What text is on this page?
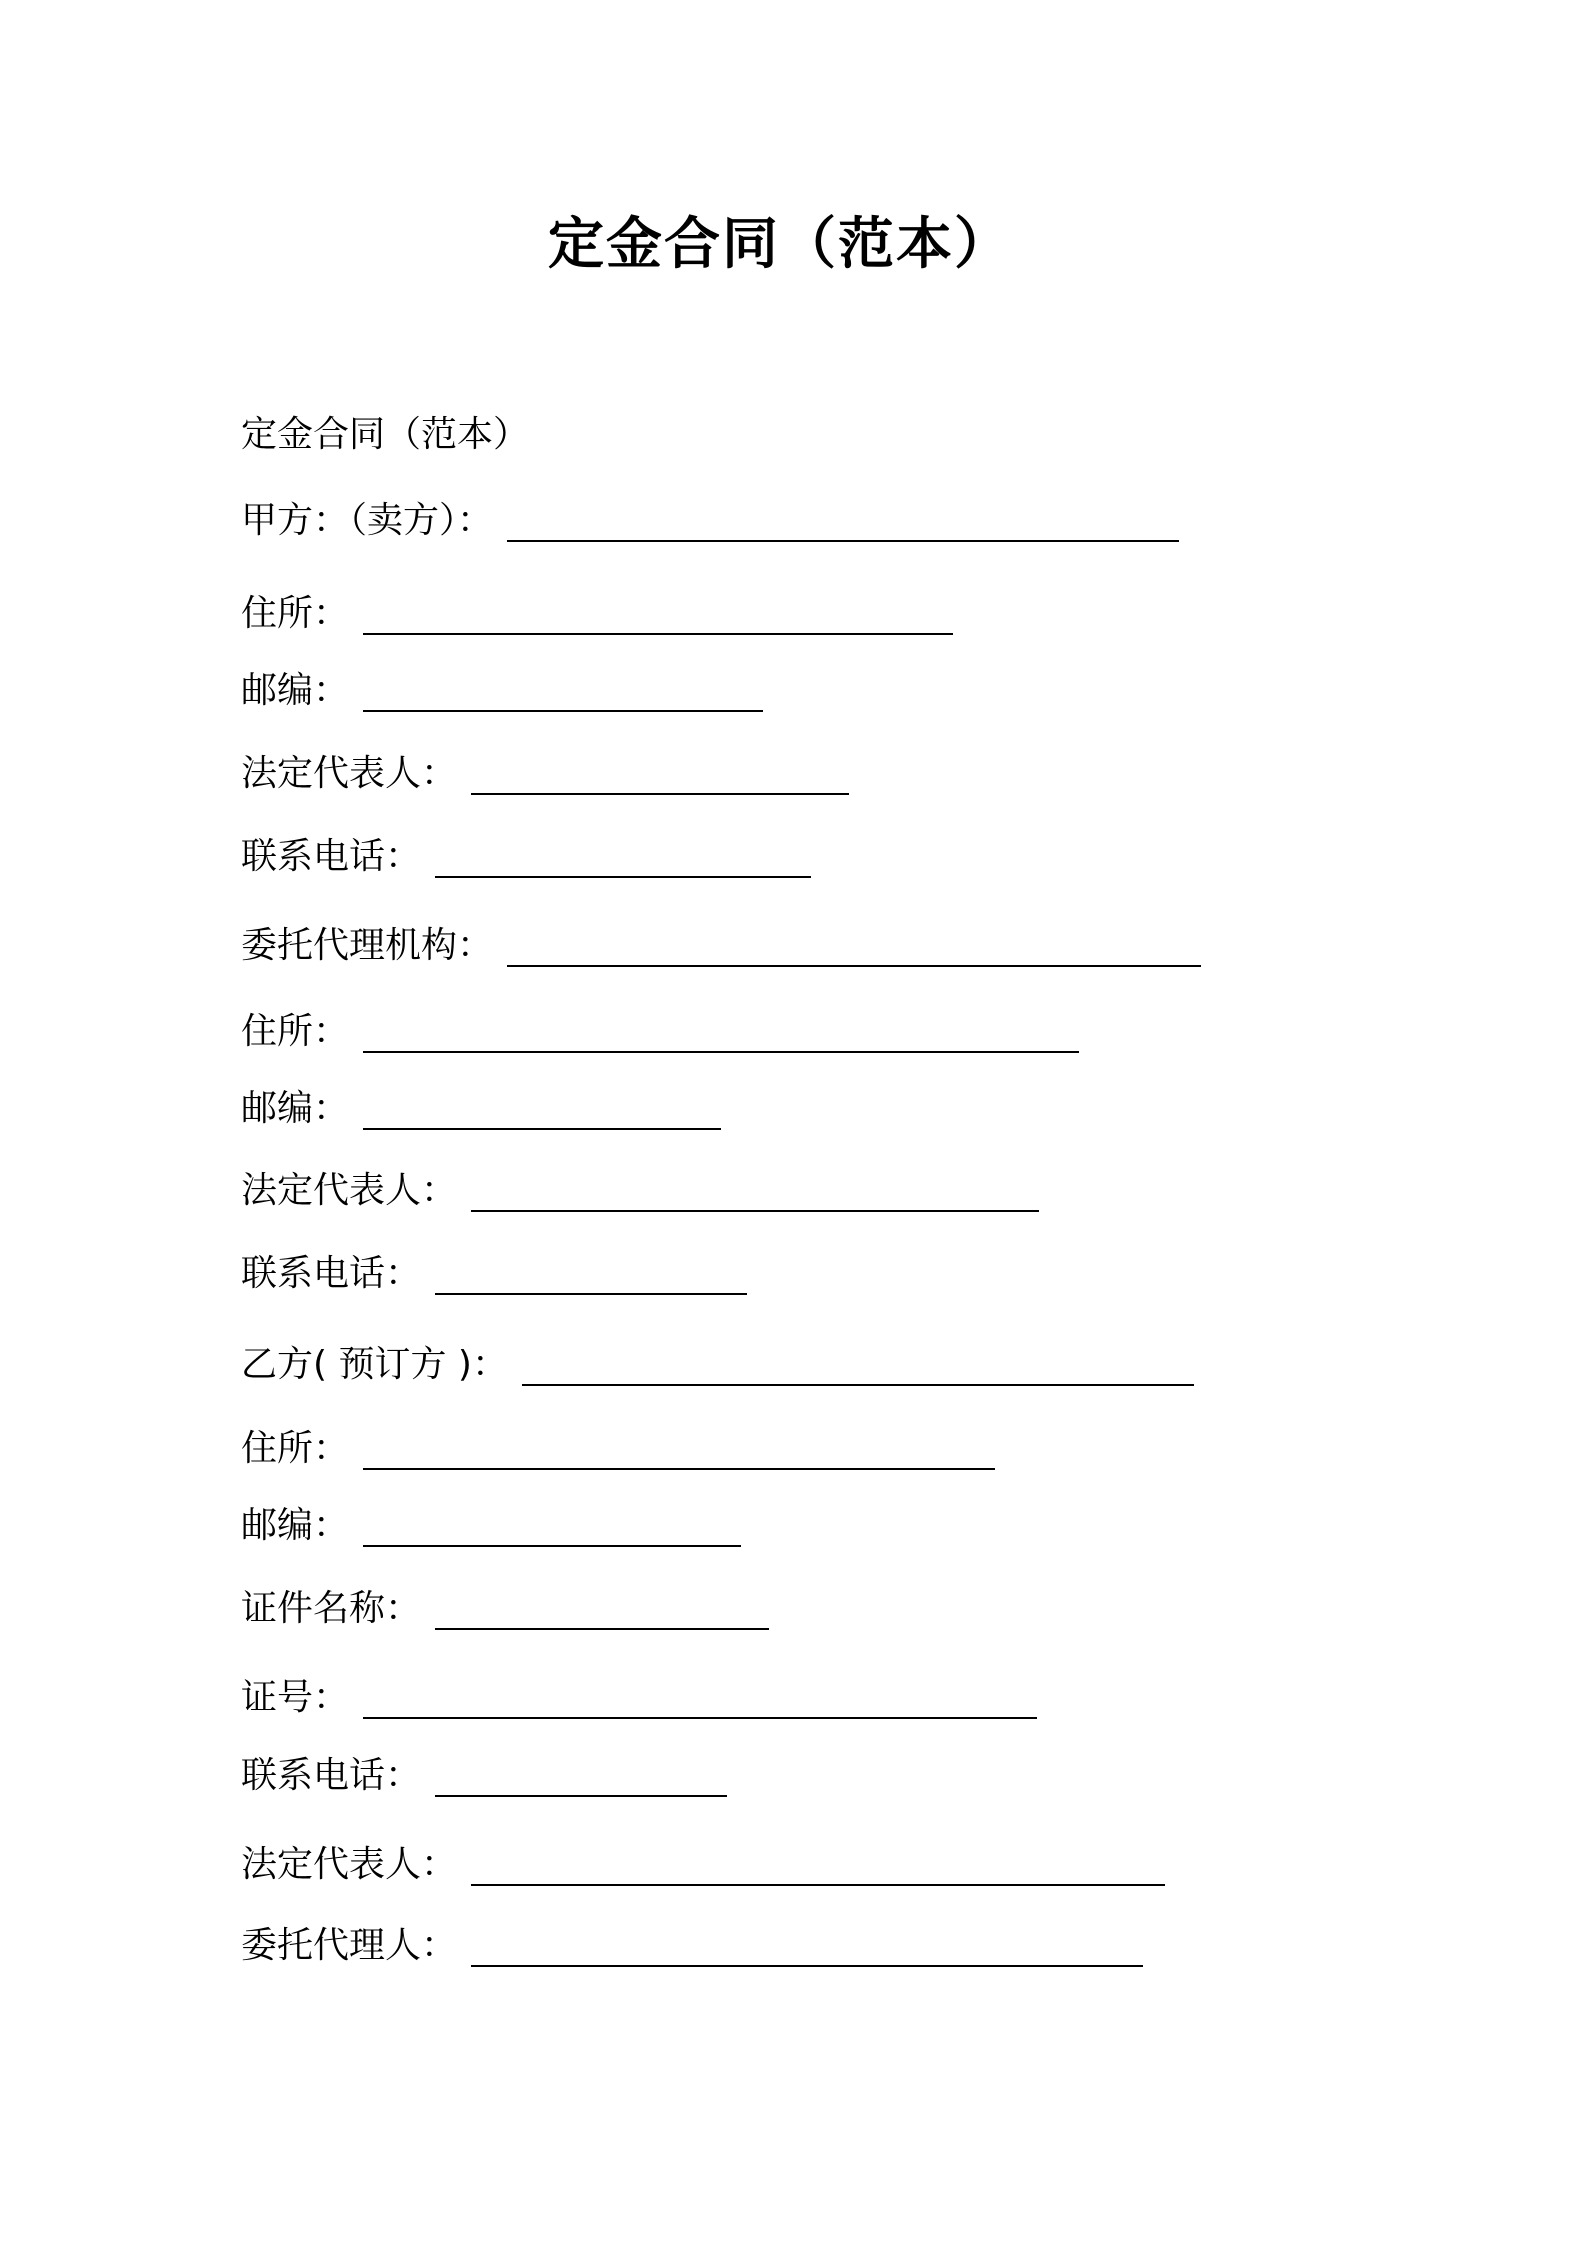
定金合同（范本）
定金合同（范本）
甲方：（卖方）：
住所：
邮编：
法定代表人：
联系电话：
委托代理机构：
住所：
邮编：
法定代表人：
联系电话：
乙方( 预订方 )：
住所：
邮编：
证件名称：
证号：
联系电话：
法定代表人：
委托代理人：
